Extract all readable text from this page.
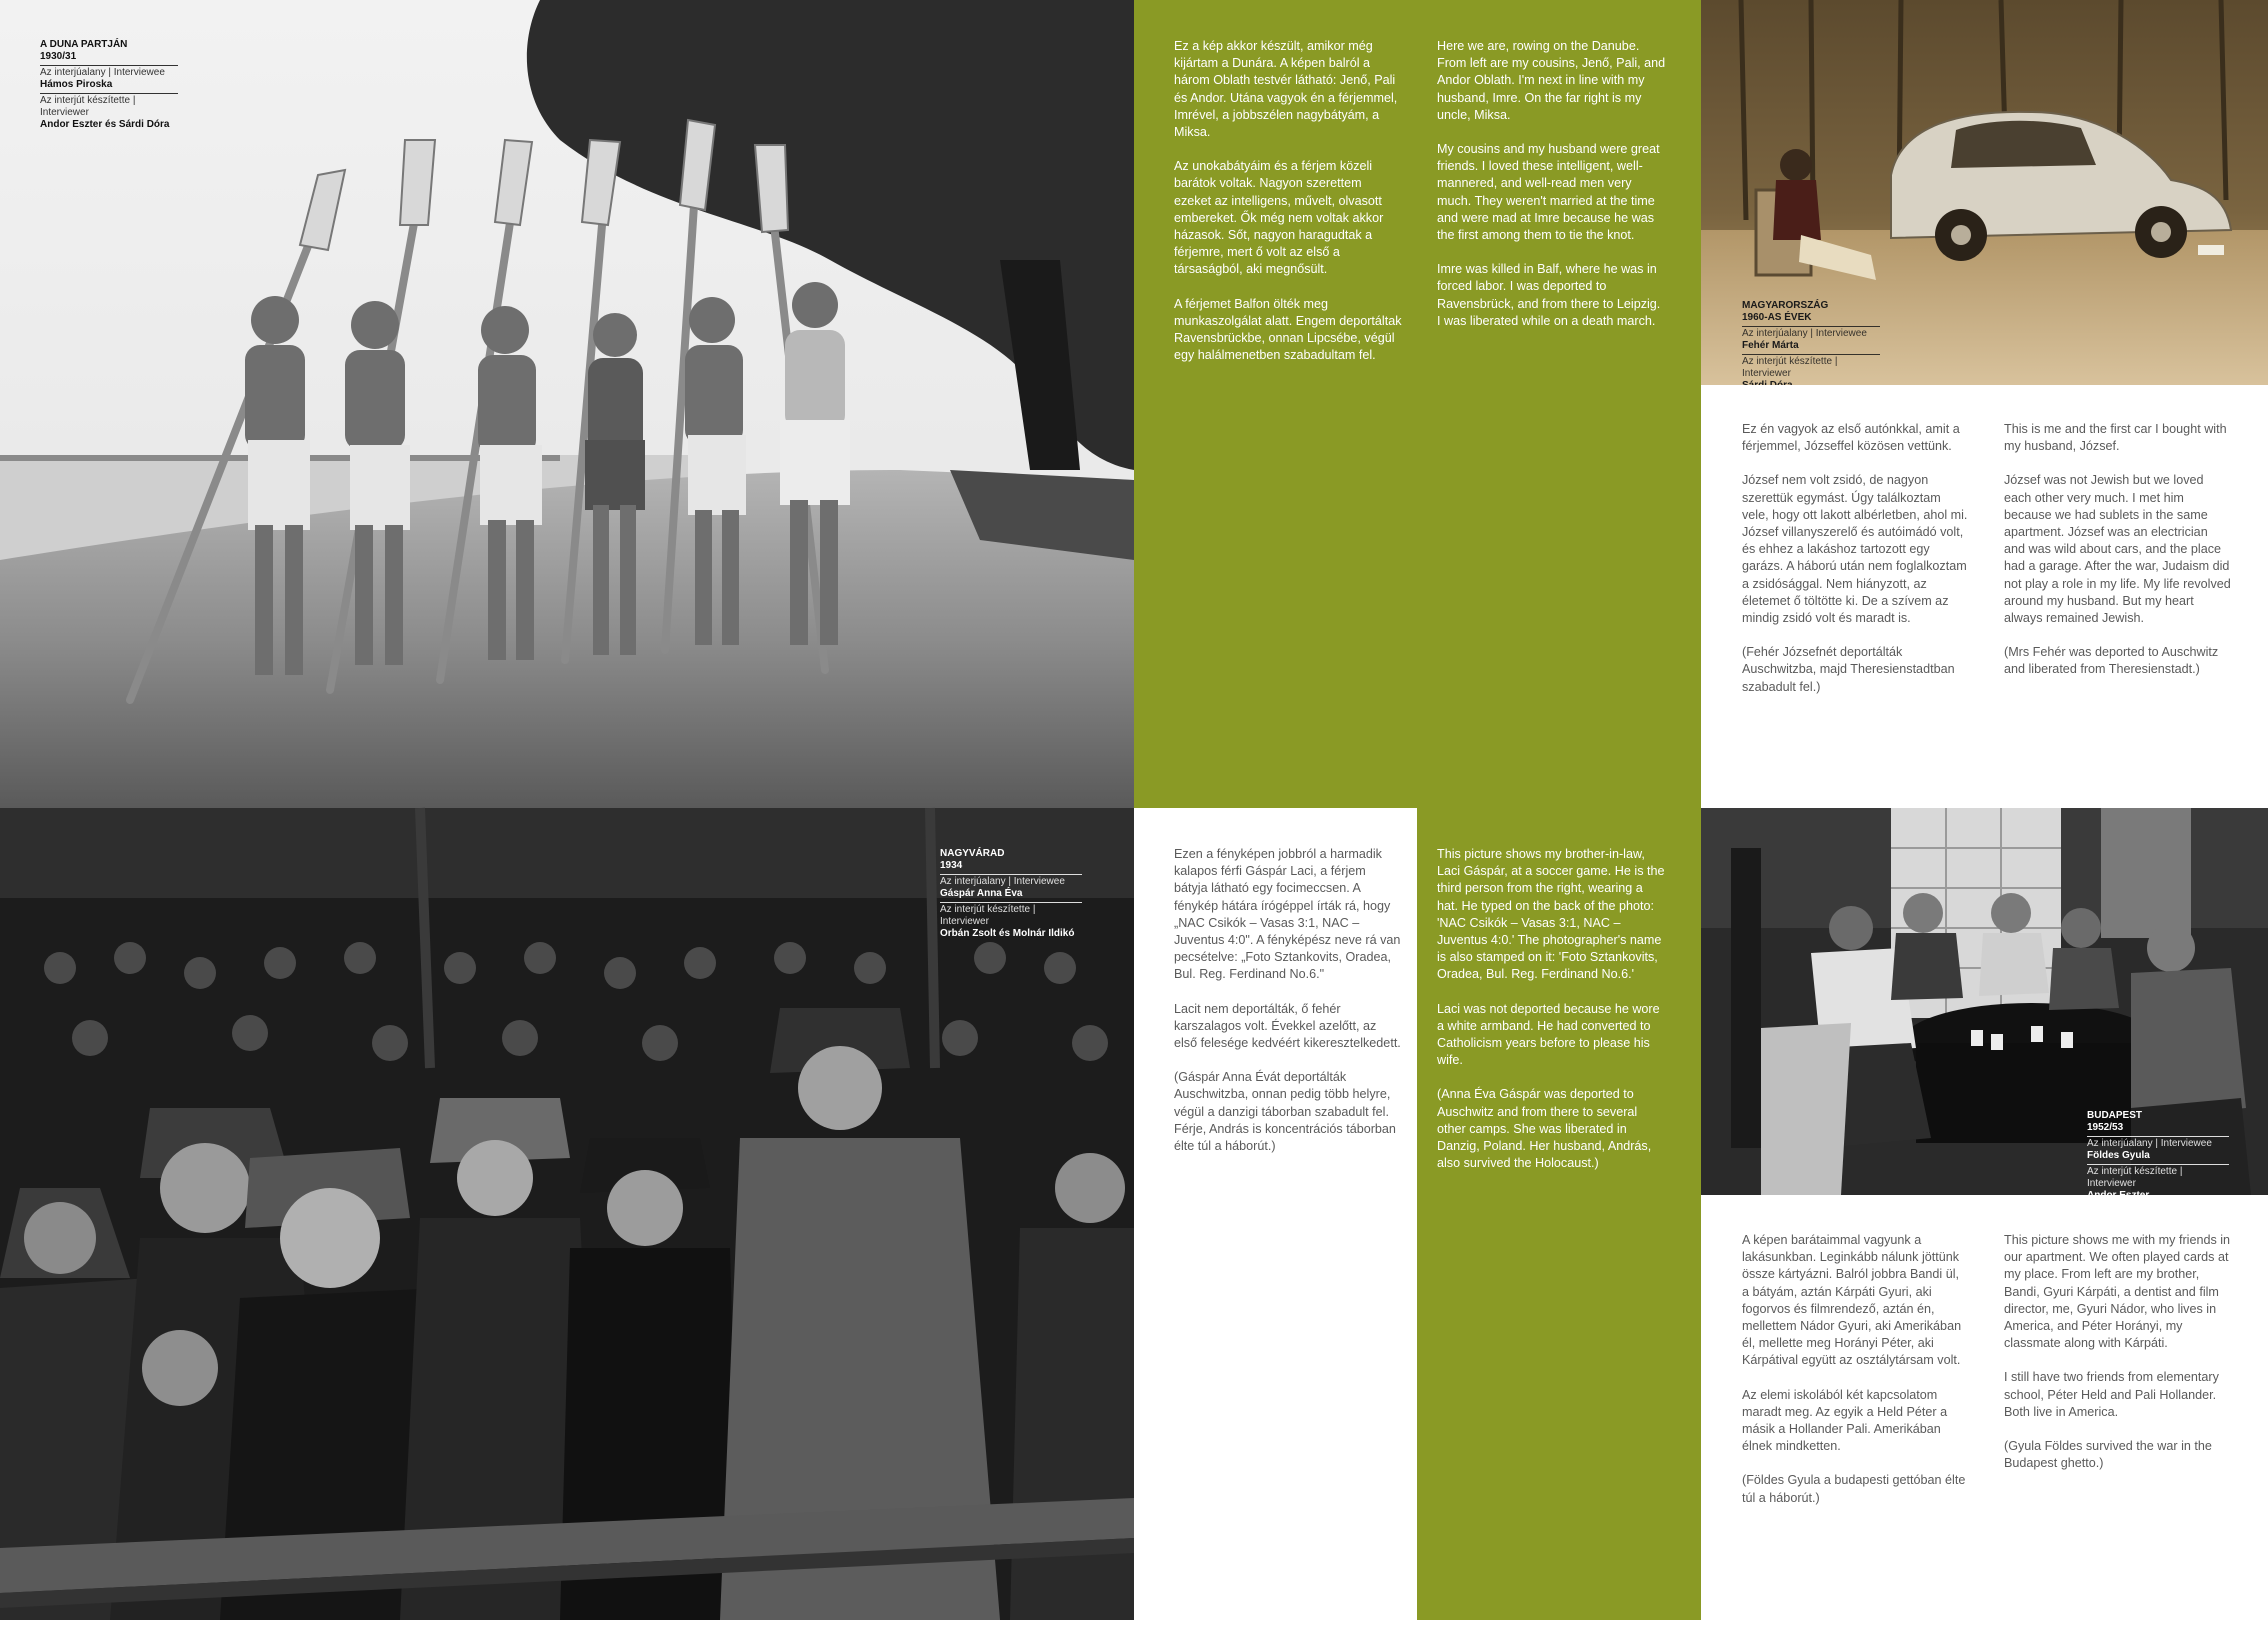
A DUNA PARTJÁN
1930/31
Az interjúalany | Interviewee
Hámos Piroska
Az interjút készítette | Interviewer
Andor Eszter és Sárdi Dóra

Ez a kép akkor készült, amikor még kijártam a Dunára. A képen balról a három Oblath testvér látható: Jenő, Pali és Andor. Utána vagyok én a férjemmel, Imrével, a jobbszélen nagybátyám, a Miksa.

Az unokabátyáim és a férjem közeli barátok voltak. Nagyon szerettem ezeket az intelligens, művelt, olvasott embereket. Ők még nem voltak akkor házasok. Sőt, nagyon haragudtak a férjemre, mert ő volt az első a társaságból, aki megnősült.

A férjemet Balfon ölték meg munkaszolgálat alatt. Engem deportáltak Ravensbrückbe, onnan Lipcsébe, végül egy halálmenetben szabadultam fel.

Here we are, rowing on the Danube. From left are my cousins, Jenő, Pali, and Andor Oblath. I'm next in line with my husband, Imre. On the far right is my uncle, Miksa.

My cousins and my husband were great friends. I loved these intelligent, well-mannered, and well-read men very much. They weren't married at the time and were mad at Imre because he was the first among them to tie the knot.

Imre was killed in Balf, where he was in forced labor. I was deported to Ravensbrück, and from there to Leipzig. I was liberated while on a death march.

MAGYARORSZÁG
1960-AS ÉVEK
Az interjúalany | Interviewee
Fehér Márta
Az interjút készítette | Interviewer

Ez én vagyok az első autónkkal, amit a férjemmel, Józseffel közösen vettünk.

József nem volt zsidó, de nagyon szerettük egymást. Úgy találkoztam vele, hogy ott lakott albérletben, ahol mi. József villanyszerelő és autóimádó volt, és ehhez a lakáshoz tartozott egy garázs. A háború után nem foglalkoztam a zsidósággal. Nem hiányzott, az életemet ő töltötte ki. De a szívem az mindig zsidó volt és maradt is.

(Fehér Józsefnét deportálták Auschwitzba, majd Theresienstadtban szabadult fel.)

This is me and the first car I bought with my husband, József.

József was not Jewish but we loved each other very much. I met him because we had sublets in the same apartment. József was an electrician and was wild about cars, and the place had a garage. After the war, Judaism did not play a role in my life. My life revolved around my husband. But my heart always remained Jewish.

(Mrs Fehér was deported to Auschwitz and liberated from Theresienstadt.)

NAGYVÁRAD
1934
Az interjúalany | Interviewee
Gáspár Anna Éva
Az interjút készítette | Interviewer
Orbán Zsolt és Molnár Ildikó

Ezen a fényképen jobbról a harmadik kalapos férfi Gáspár Laci, a férjem bátyja látható egy focimeccsen. A fénykép hátára írógéppel írták rá, hogy „NAC Csikók – Vasas 3:1, NAC – Juventus 4:0". A fényképész neve rá van pecsételve: „Foto Sztankovits, Oradea, Bul. Reg. Ferdinand No.6."

Lacit nem deportálták, ő fehér karszalagos volt. Évekkel azelőtt, az első felesége kedvéért kikeresztelkedett.

(Gáspár Anna Évát deportálták Auschwitzba, onnan pedig több helyre, végül a danzigi táborban szabadult fel. Férje, András is koncentrációs táborban élte túl a háborút.)

This picture shows my brother-in-law, Laci Gáspár, at a soccer game. He is the third person from the right, wearing a hat. He typed on the back of the photo: 'NAC Csikók – Vasas 3:1, NAC – Juventus 4:0.' The photographer's name is also stamped on it: 'Foto Sztankovits, Oradea, Bul. Reg. Ferdinand No.6.'

Laci was not deported because he wore a white armband. He had converted to Catholicism years before to please his wife.

(Anna Éva Gáspár was deported to Auschwitz and from there to several other camps. She was liberated in Danzig, Poland. Her husband, András, also survived the Holocaust.)

BUDAPEST
1952/53
Az interjúalany | Interviewee
Földes Gyula
Az interjút készítette | Interviewer

A képen barátaimmal vagyunk a lakásunkban. Leginkább nálunk jöttünk össze kártyázni. Balról jobbra Bandi ül, a bátyám, aztán Kárpáti Gyuri, aki fogorvos és filmrendező, aztán én, mellettem Nádor Gyuri, aki Amerikában él, mellette meg Horányi Péter, aki Kárpátival együtt az osztálytársam volt.

Az elemi iskolából két kapcsolatom maradt meg. Az egyik a Held Péter a másik a Hollander Pali. Amerikában élnek mindketten.

(Földes Gyula a budapesti gettóban élte túl a háborút.)

This picture shows me with my friends in our apartment. We often played cards at my place. From left are my brother, Bandi, Gyuri Kárpáti, a dentist and film director, me, Gyuri Nádor, who lives in America, and Péter Horányi, my classmate along with Kárpáti.

I still have two friends from elementary school, Péter Held and Pali Hollander. Both live in America.

(Gyula Földes survived the war in the Budapest ghetto.)
